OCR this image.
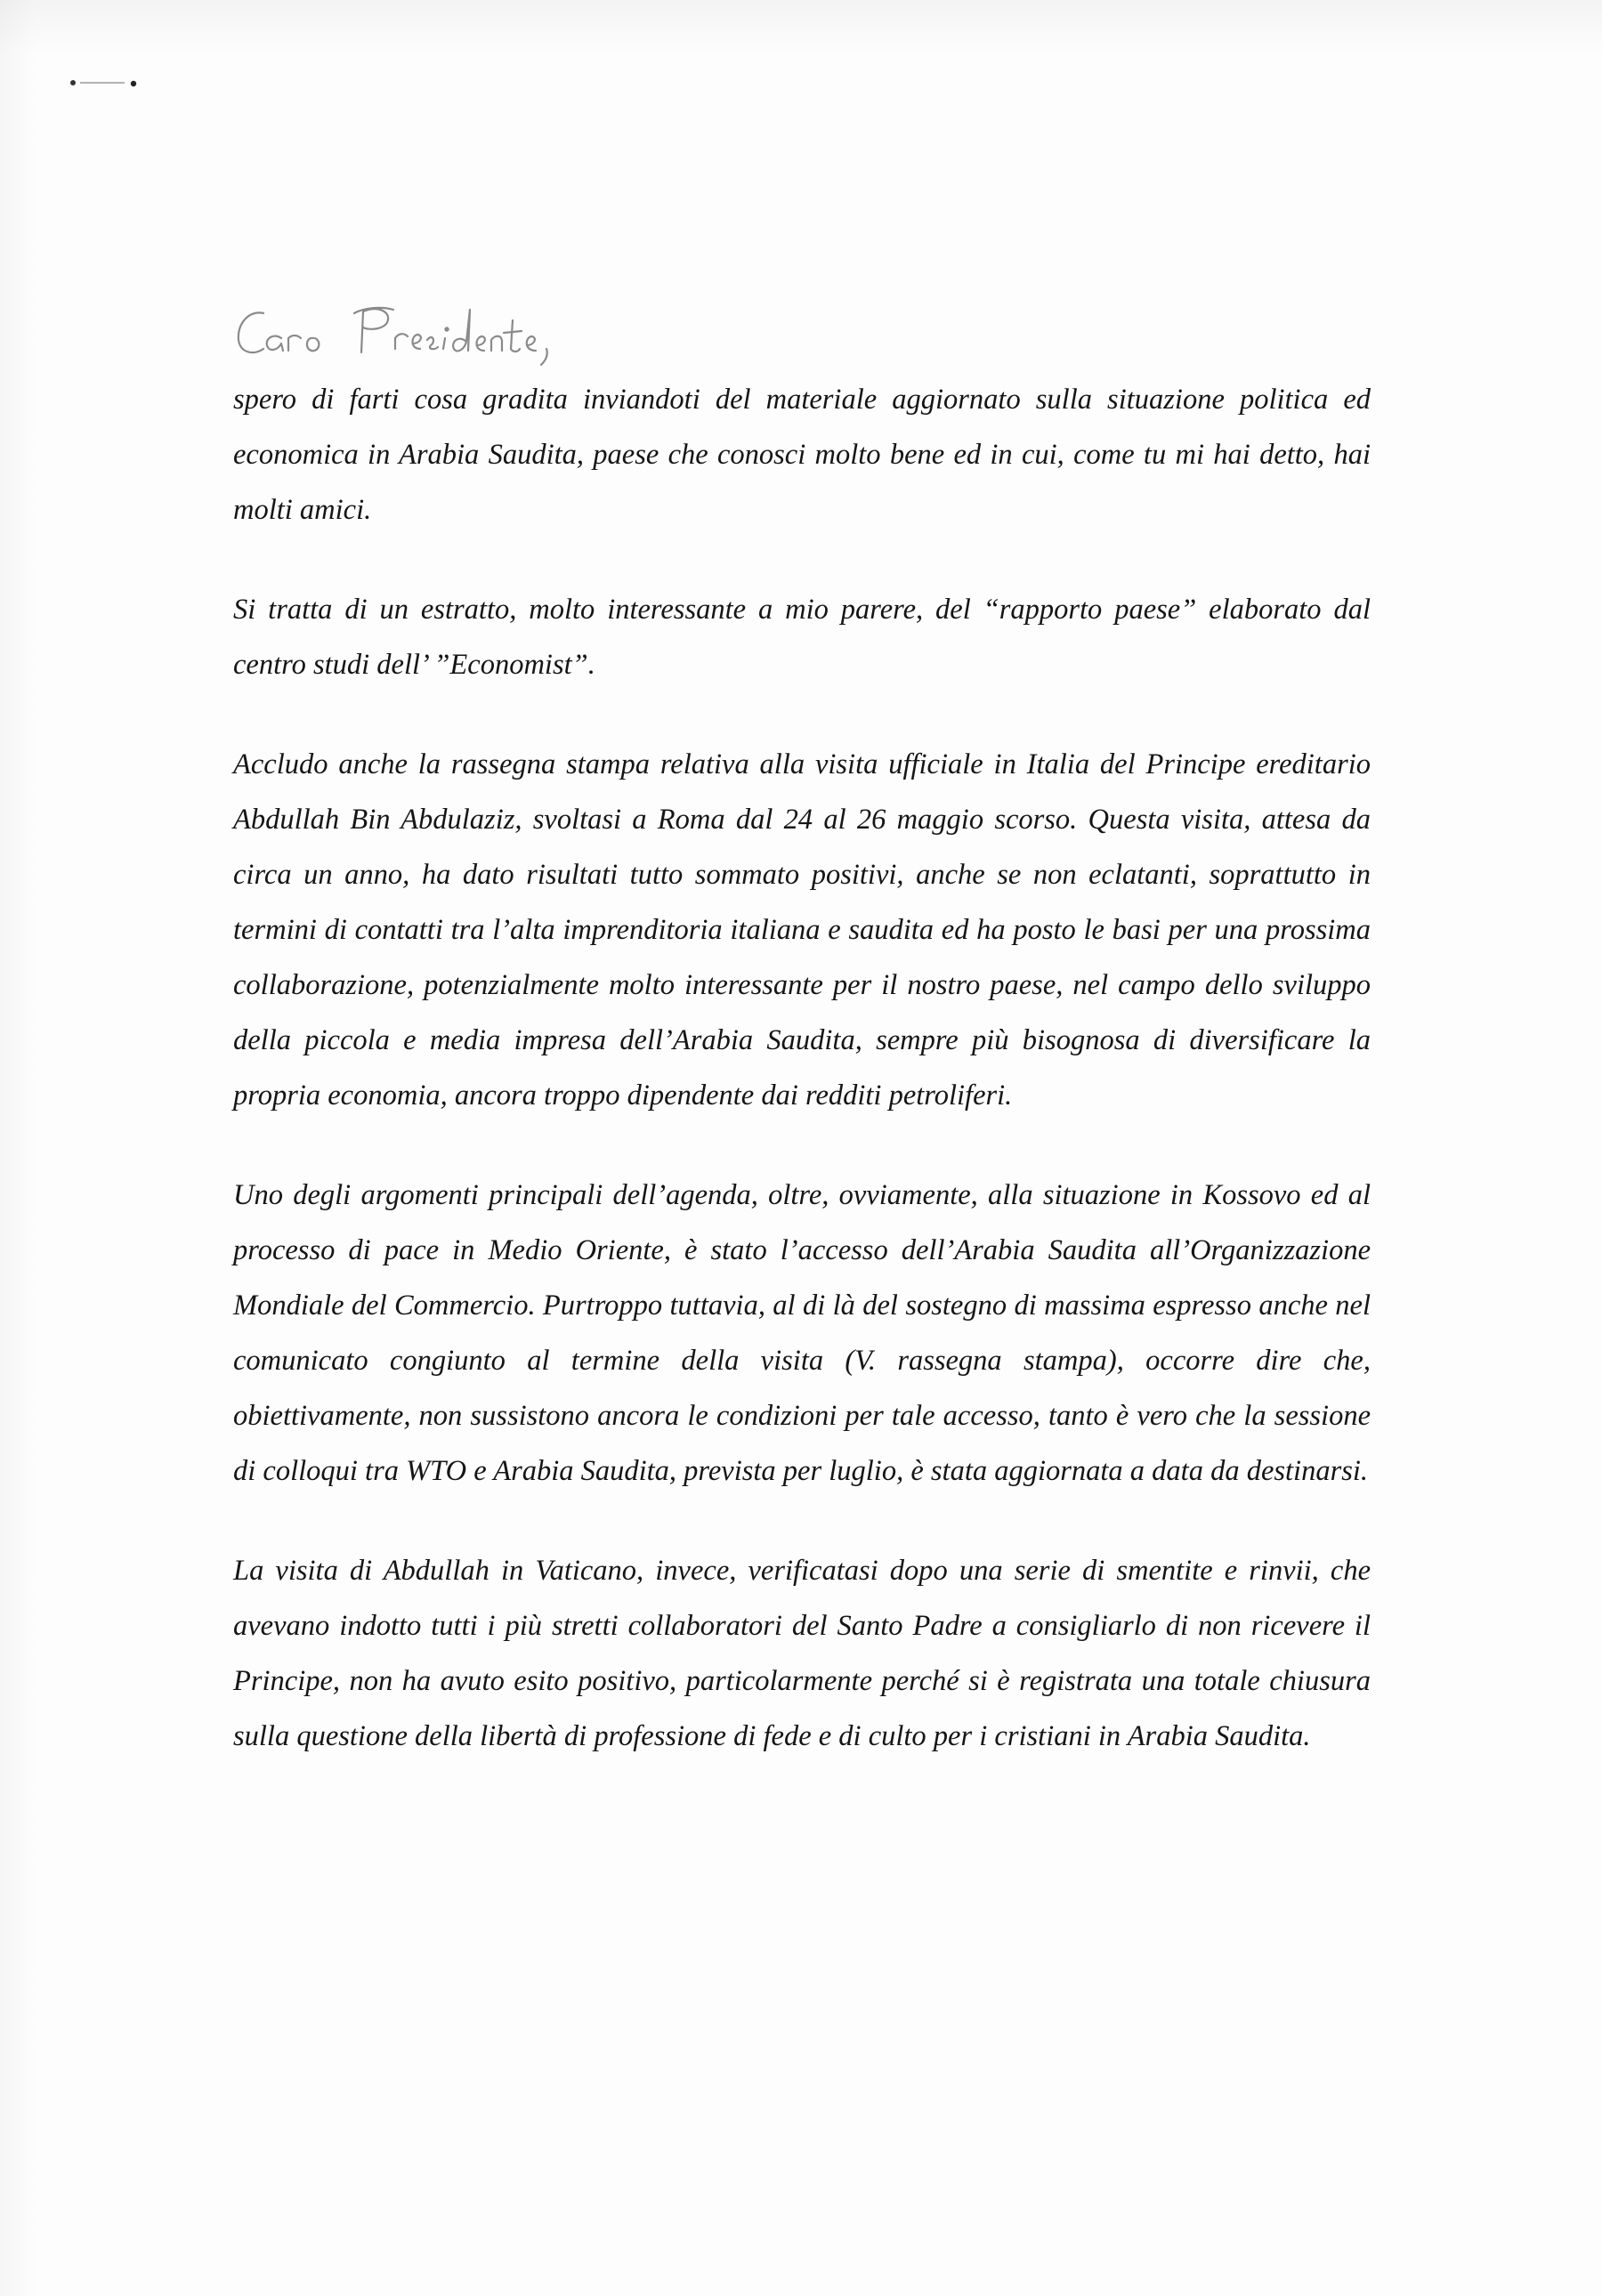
spero di farti cosa gradita inviandoti del materiale aggiornato sulla situazione politica ed economica in Arabia Saudita, paese che conosci molto bene ed in cui, come tu mi hai detto, hai molti amici.

Si tratta di un estratto, molto interessante a mio parere, del “rapporto paese” elaborato dal centro studi dell’ ”Economist”.

Accludo anche la rassegna stampa relativa alla visita ufficiale in Italia del Principe ereditario Abdullah Bin Abdulaziz, svoltasi a Roma dal 24 al 26 maggio scorso. Questa visita, attesa da circa un anno, ha dato risultati tutto sommato positivi, anche se non eclatanti, soprattutto in termini di contatti tra l’alta imprenditoria italiana e saudita ed ha posto le basi per una prossima collaborazione, potenzialmente molto interessante per il nostro paese, nel campo dello sviluppo della piccola e media impresa dell’Arabia Saudita, sempre più bisognosa di diversificare la propria economia, ancora troppo dipendente dai redditi petroliferi.

Uno degli argomenti principali dell’agenda, oltre, ovviamente, alla situazione in Kossovo ed al processo di pace in Medio Oriente, è stato l’accesso dell’Arabia Saudita all’Organizzazione Mondiale del Commercio. Purtroppo tuttavia, al di là del sostegno di massima espresso anche nel comunicato congiunto al termine della visita (V. rassegna stampa), occorre dire che, obiettivamente, non sussistono ancora le condizioni per tale accesso, tanto è vero che la sessione di colloqui tra WTO e Arabia Saudita, prevista per luglio, è stata aggiornata a data da destinarsi.

La visita di Abdullah in Vaticano, invece, verificatasi dopo una serie di smentite e rinvii, che avevano indotto tutti i più stretti collaboratori del Santo Padre a consigliarlo di non ricevere il Principe, non ha avuto esito positivo, particolarmente perché si è registrata una totale chiusura sulla questione della libertà di professione di fede e di culto per i cristiani in Arabia Saudita.
